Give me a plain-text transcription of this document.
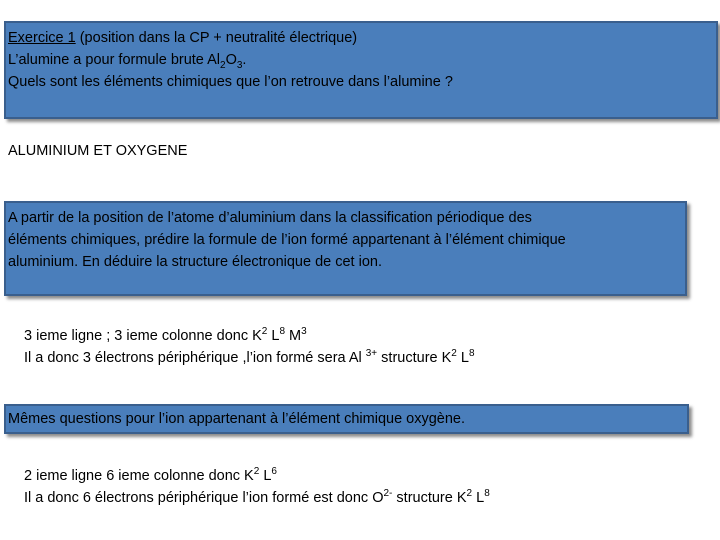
Exercice 1 (position dans la CP + neutralité électrique)
L’alumine a pour formule brute $Al_2O_3$.
Quels sont les éléments chimiques que l’on retrouve dans l’alumine ?
ALUMINIUM ET OXYGENE
A partir de la position de l’atome d’aluminium dans la classification périodique des
éléments chimiques, prédire la formule de l’ion formé appartenant à l’élément chimique
aluminium. En déduire la structure électronique de cet ion.
3 ieme ligne ; 3 ieme colonne donc $K^2$ $L^8$ $M^3$
Il a donc 3 électrons périphérique ,l’ion formé sera Al $^{3+}$ structure $K^2$ $L^8$
Mêmes questions pour l’ion appartenant à l’élément chimique oxygène.
2 ieme ligne 6 ieme colonne donc $K^2$ $L^6$
Il a donc 6 électrons périphérique l’ion formé est donc $O^{2-}$ structure $K^2$ $L^8$
